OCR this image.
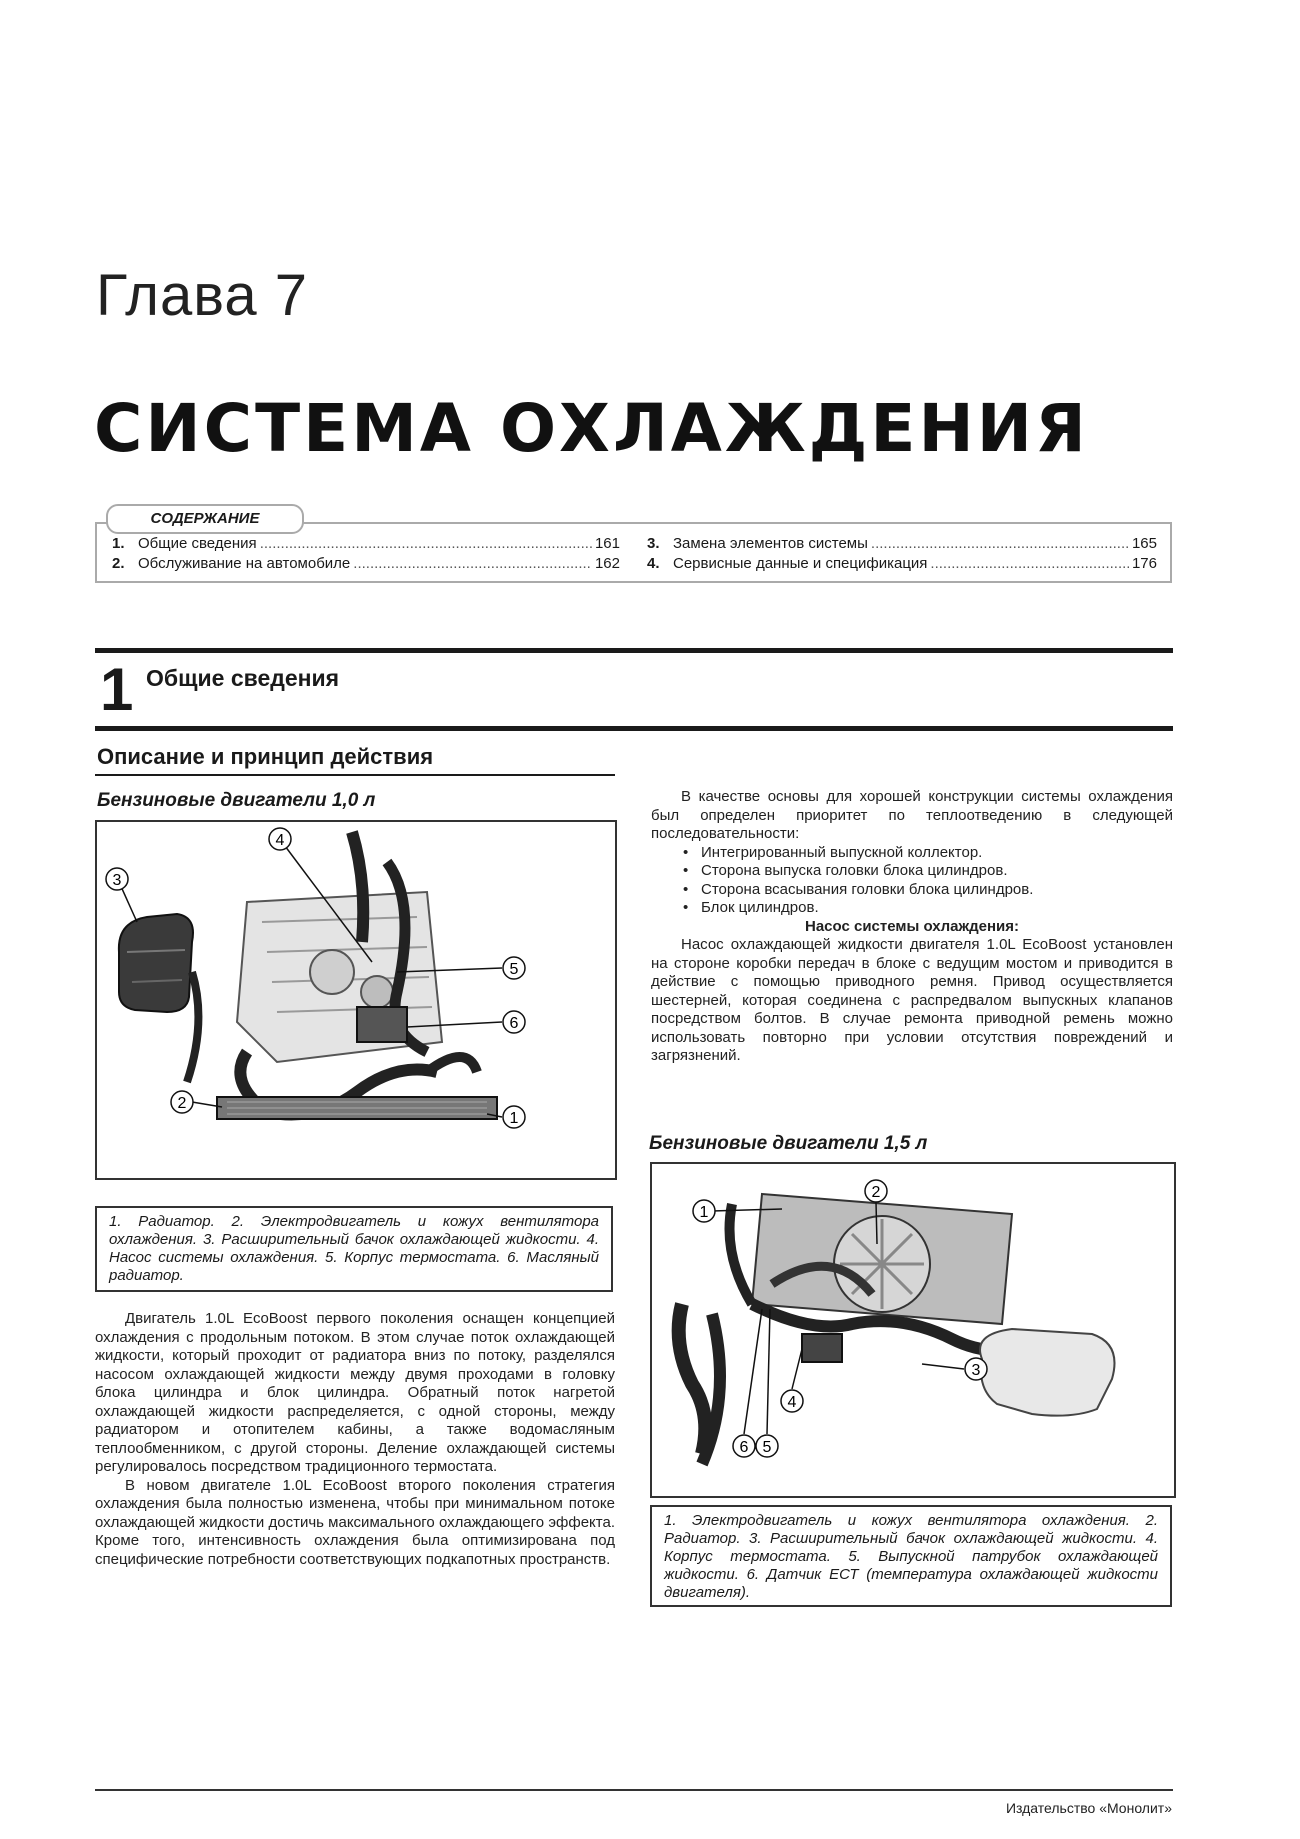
Глава 7
СИСТЕМА ОХЛАЖДЕНИЯ
СОДЕРЖАНИЕ
1. Общие сведения .....	161
2. Обслуживание на автомобиле .....	162
3. Замена элементов системы .....	165
4. Сервисные данные и спецификация .....	176
1 Общие сведения
Описание и принцип действия
Бензиновые двигатели 1,0 л
4
3
5
6
2
1
1. Радиатор. 2. Электродвигатель и кожух вентилятора охлаждения. 3. Расширительный бачок охлаждающей жидкости. 4. Насос системы охлаждения. 5. Корпус термостата. 6. Масляный радиатор.

Двигатель 1.0L EcoBoost первого поколения оснащен концепцией охлаждения с продольным потоком. В этом случае поток охлаждающей жидкости, который проходит от радиатора вниз по потоку, разделялся насосом охлаждающей жидкости между двумя проходами в головку блока цилиндра и блок цилиндра. Обратный поток нагретой охлаждающей жидкости распределяется, с одной стороны, между радиатором и отопителем кабины, а также водомасляным теплообменником, с другой стороны. Деление охлаждающей системы регулировалось посредством традиционного термостата.

В новом двигателе 1.0L EcoBoost второго поколения стратегия охлаждения была полностью изменена, чтобы при минимальном потоке охлаждающей жидкости достичь максимального охлаждающего эффекта. Кроме того, интенсивность охлаждения была оптимизирована под специфические потребности соответствующих подкапотных пространств.

В качестве основы для хорошей конструкции системы охлаждения был определен приоритет по теплоотведению в следующей последовательности:

• Интегрированный выпускной коллектор.
• Сторона выпуска головки блока цилиндров.
• Сторона всасывания головки блока цилиндров.
• Блок цилиндров.
Насос системы охлаждения:

Насос охлаждающей жидкости двигателя 1.0L EcoBoost установлен на стороне коробки передач в блоке с ведущим мостом и приводится в действие с помощью приводного ремня. Привод осуществляется шестерней, которая соединена с распредвалом выпускных клапанов посредством болтов. В случае ремонта приводной ремень можно использовать повторно при условии отсутствия повреждений и загрязнений.

Бензиновые двигатели 1,5 л
1
2
3
4
6 5
1. Электродвигатель и кожух вентилятора охлаждения. 2. Радиатор. 3. Расширительный бачок охлаждающей жидкости. 4. Корпус термостата. 5. Выпускной патрубок охлаждающей жидкости. 6. Датчик ЕСТ (температура охлаждающей жидкости двигателя).
Издательство «Монолит»
